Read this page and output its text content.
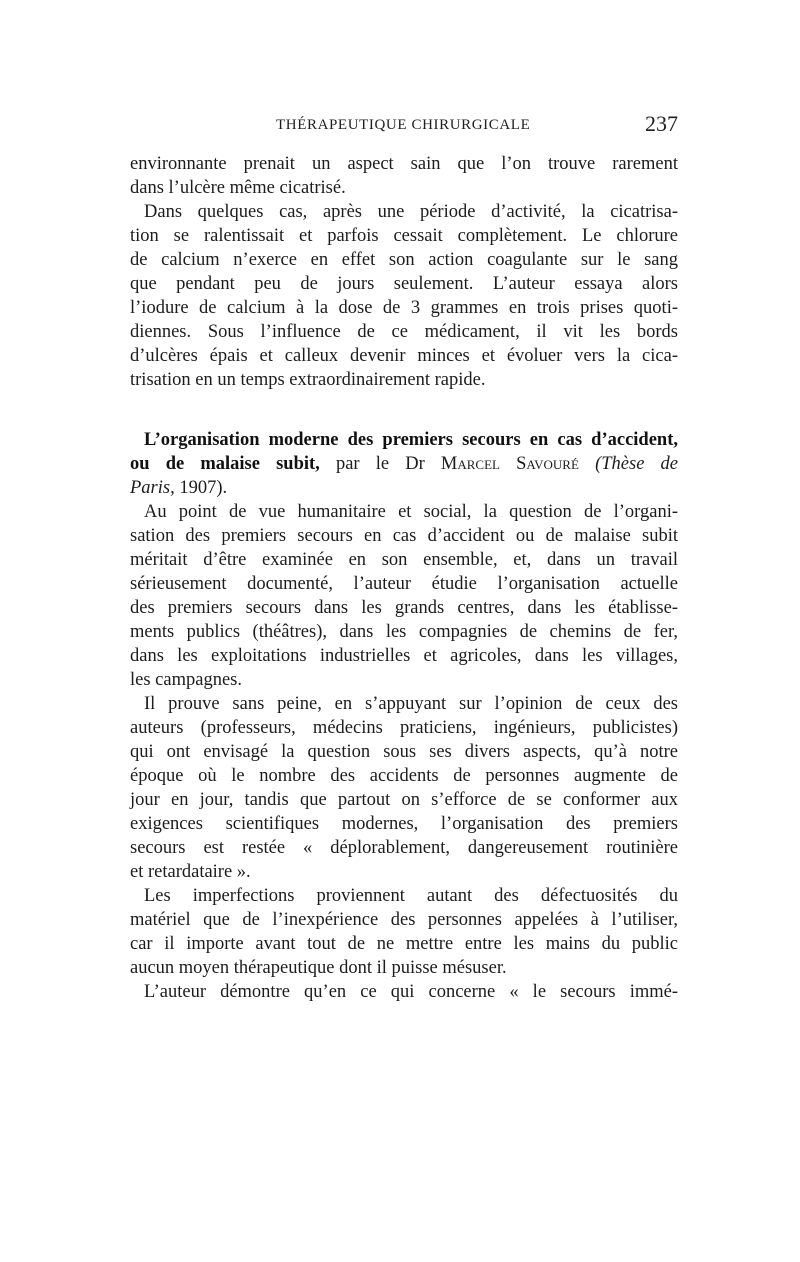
THÉRAPEUTIQUE CHIRURGICALE	237
environnante prenait un aspect sain que l’on trouve rarement
dans l’ulcère même cicatrisé.
Dans quelques cas, après une période d’activité, la cicatrisa-
tion se ralentissait et parfois cessait complètement. Le chlorure
de calcium n’exerce en effet son action coagulante sur le sang
que pendant peu de jours seulement. L’auteur essaya alors
l’iodure de calcium à la dose de 3 grammes en trois prises quoti-
diennes. Sous l’influence de ce médicament, il vit les bords
d’ulcères épais et calleux devenir minces et évoluer vers la cica-
trisation en un temps extraordinairement rapide.
L’organisation moderne des premiers secours en cas d’accident,
ou de malaise subit, par le Dr Marcel Savouré (Thèse de
Paris, 1907).
Au point de vue humanitaire et social, la question de l’organi-
sation des premiers secours en cas d’accident ou de malaise subit
méritait d’être examinée en son ensemble, et, dans un travail
sérieusement documenté, l’auteur étudie l’organisation actuelle
des premiers secours dans les grands centres, dans les établisse-
ments publics (théâtres), dans les compagnies de chemins de fer,
dans les exploitations industrielles et agricoles, dans les villages,
les campagnes.
Il prouve sans peine, en s’appuyant sur l’opinion de ceux des
auteurs (professeurs, médecins praticiens, ingénieurs, publicistes)
qui ont envisagé la question sous ses divers aspects, qu’à notre
époque où le nombre des accidents de personnes augmente de
jour en jour, tandis que partout on s’efforce de se conformer aux
exigences scientifiques modernes, l’organisation des premiers
secours est restée « déplorablement, dangereusement routinière
et retardataire ».
Les imperfections proviennent autant des défectuosités du
matériel que de l’inexpérience des personnes appelées à l’utiliser,
car il importe avant tout de ne mettre entre les mains du public
aucun moyen thérapeutique dont il puisse mésuser.
L’auteur démontre qu’en ce qui concerne « le secours immé-
